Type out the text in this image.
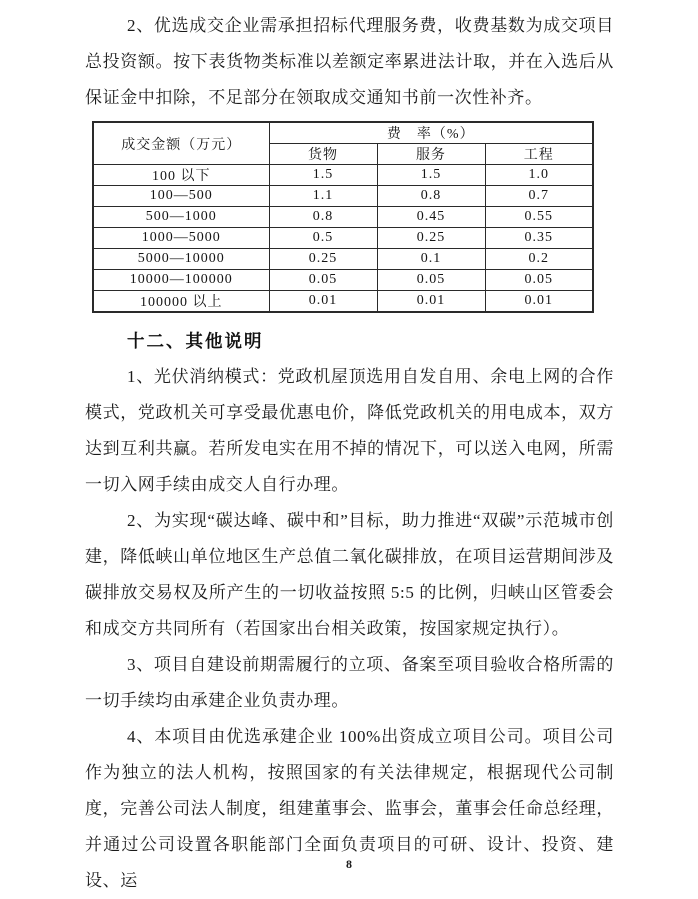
2、优选成交企业需承担招标代理服务费，收费基数为成交项目总投资额。按下表货物类标准以差额定率累进法计取，并在入选后从保证金中扣除，不足部分在领取成交通知书前一次性补齐。

成交金额（万元）	费　率（%）		
	货物	服务	工程
100 以下	1.5	1.5	1.0
100—500	1.1	0.8	0.7
500—1000	0.8	0.45	0.55
1000—5000	0.5	0.25	0.35
5000—10000	0.25	0.1	0.2
10000—100000	0.05	0.05	0.05
100000 以上	0.01	0.01	0.01
十二、其他说明

1、光伏消纳模式：党政机屋顶选用自发自用、余电上网的合作模式，党政机关可享受最优惠电价，降低党政机关的用电成本，双方达到互利共赢。若所发电实在用不掉的情况下，可以送入电网，所需一切入网手续由成交人自行办理。

2、为实现“碳达峰、碳中和”目标，助力推进“双碳”示范城市创建，降低峡山单位地区生产总值二氧化碳排放，在项目运营期间涉及碳排放交易权及所产生的一切收益按照 5:5 的比例，归峡山区管委会和成交方共同所有（若国家出台相关政策，按国家规定执行）。

3、项目自建设前期需履行的立项、备案至项目验收合格所需的一切手续均由承建企业负责办理。

4、本项目由优选承建企业 100%出资成立项目公司。项目公司作为独立的法人机构，按照国家的有关法律规定，根据现代公司制度，完善公司法人制度，组建董事会、监事会，董事会任命总经理，并通过公司设置各职能部门全面负责项目的可研、设计、投资、建设、运

8
